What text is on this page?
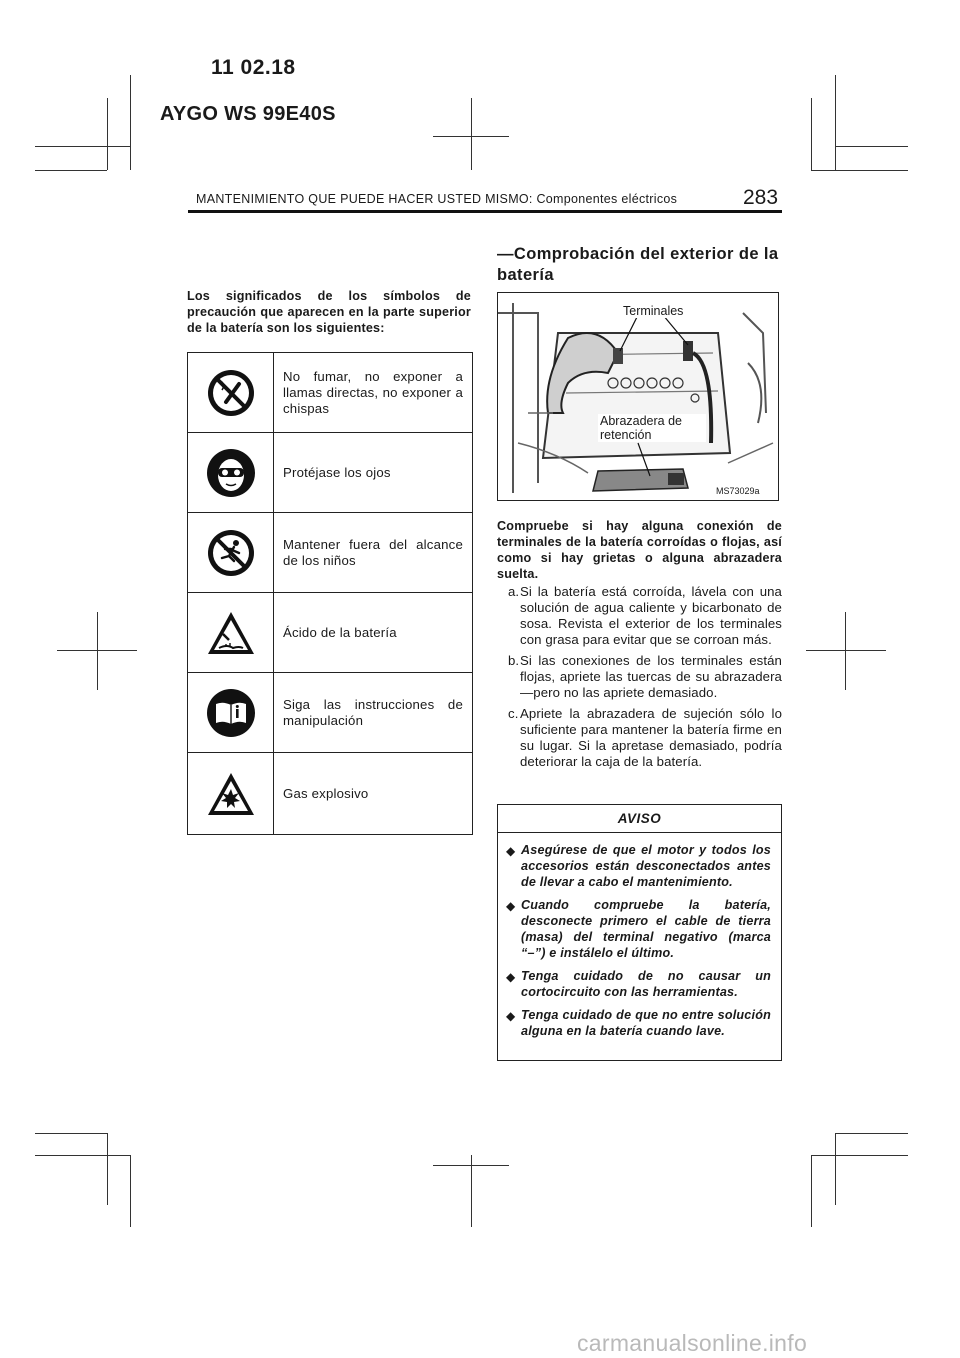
11 02.18
AYGO WS 99E40S
MANTENIMIENTO QUE PUEDE HACER USTED MISMO: Componentes eléctricos	283
Los significados de los símbolos de precaución que aparecen en la parte superior de la batería son los siguientes:
No fumar, no exponer a llamas directas, no exponer a chispas
Protéjase los ojos
Mantener fuera del alcance de los niños
Ácido de la batería
Siga las instrucciones de manipulación
Gas explosivo
—Comprobación del exterior de la batería
Terminales
Abrazadera de retención
MS73029a
Compruebe si hay alguna conexión de terminales de la batería corroídas o flojas, así como si hay grietas o alguna abrazadera suelta.
a. Si la batería está corroída, lávela con una solución de agua caliente y bicarbonato de sosa. Revista el exterior de los terminales con grasa para evitar que se corroan más.
b. Si las conexiones de los terminales están flojas, apriete las tuercas de su abrazadera—pero no las apriete demasiado.
c. Apriete la abrazadera de sujeción sólo lo suficiente para mantener la batería firme en su lugar. Si la apretase demasiado, podría deteriorar la caja de la batería.
AVISO
◆ Asegúrese de que el motor y todos los accesorios están desconectados antes de llevar a cabo el mantenimiento.
◆ Cuando compruebe la batería, desconecte primero el cable de tierra (masa) del terminal negativo (marca “–”) e instálelo el último.
◆ Tenga cuidado de no causar un cortocircuito con las herramientas.
◆ Tenga cuidado de que no entre solución alguna en la batería cuando lave.
carmanualsonline.info
